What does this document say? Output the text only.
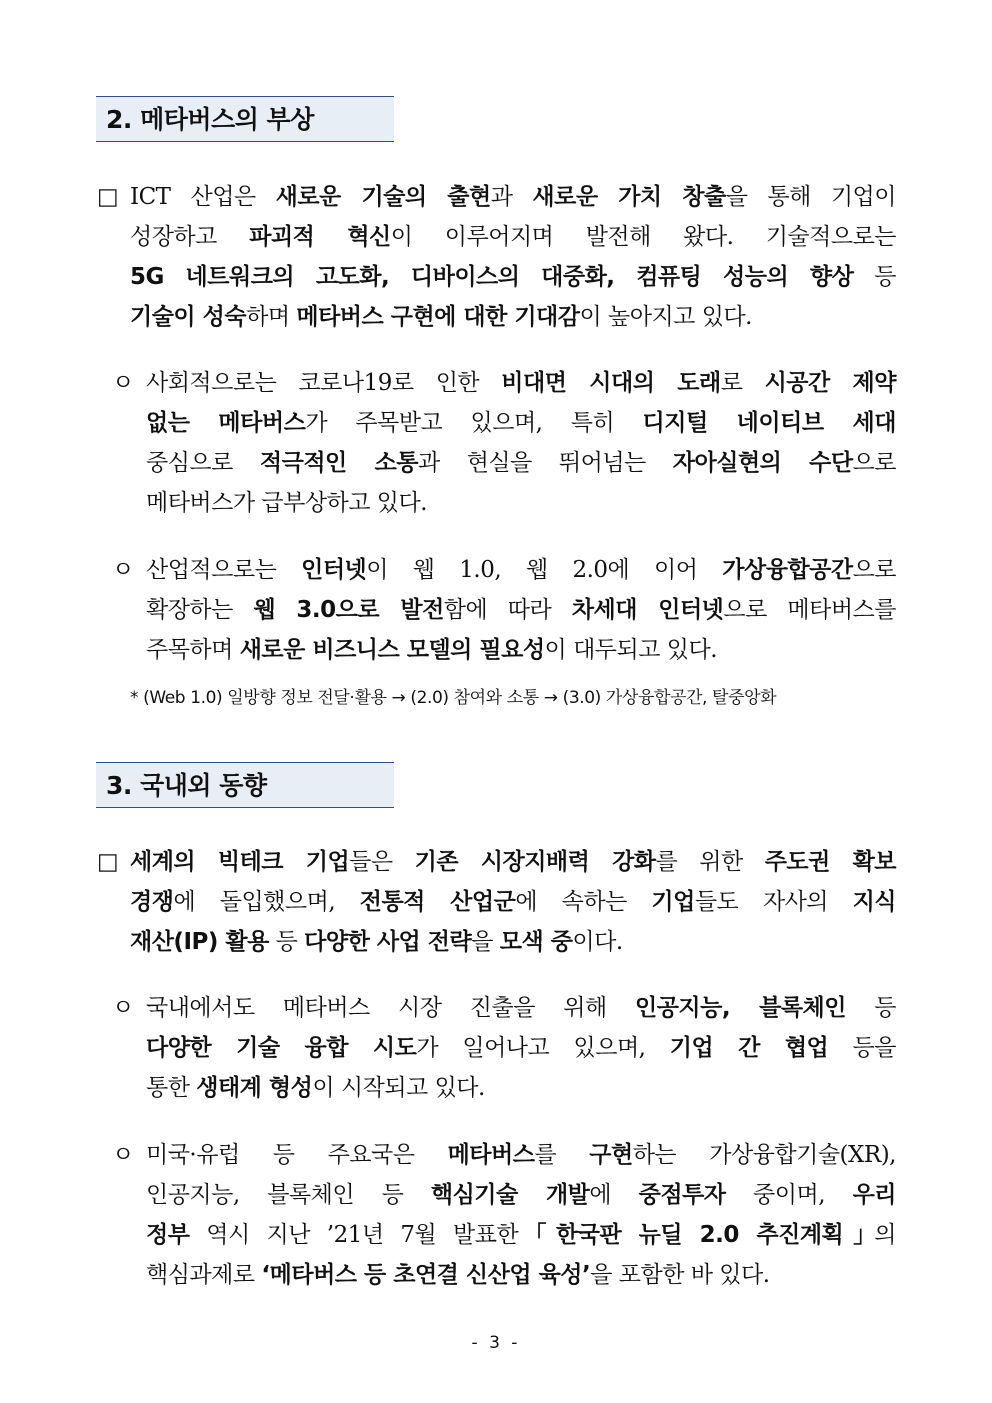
2. 메타버스의 부상
□ ICT 산업은 새로운 기술의 출현과 새로운 가치 창출을 통해 기업이
성장하고 파괴적 혁신이 이루어지며 발전해 왔다. 기술적으로는
5G 네트워크의 고도화, 디바이스의 대중화, 컴퓨팅 성능의 향상 등
기술이 성숙하며 메타버스 구현에 대한 기대감이 높아지고 있다.
ㅇ 사회적으로는 코로나19로 인한 비대면 시대의 도래로 시공간 제약
없는 메타버스가 주목받고 있으며, 특히 디지털 네이티브 세대
중심으로 적극적인 소통과 현실을 뛰어넘는 자아실현의 수단으로
메타버스가 급부상하고 있다.
ㅇ 산업적으로는 인터넷이 웹 1.0, 웹 2.0에 이어 가상융합공간으로
확장하는 웹 3.0으로 발전함에 따라 차세대 인터넷으로 메타버스를
주목하며 새로운 비즈니스 모델의 필요성이 대두되고 있다.
* (Web 1.0) 일방향 정보 전달·활용 → (2.0) 참여와 소통 → (3.0) 가상융합공간, 탈중앙화
3. 국내외 동향
□ 세계의 빅테크 기업들은 기존 시장지배력 강화를 위한 주도권 확보
경쟁에 돌입했으며, 전통적 산업군에 속하는 기업들도 자사의 지식
재산(IP) 활용 등 다양한 사업 전략을 모색 중이다.
ㅇ 국내에서도 메타버스 시장 진출을 위해 인공지능, 블록체인 등
다양한 기술 융합 시도가 일어나고 있으며, 기업 간 협업 등을
통한 생태계 형성이 시작되고 있다.
ㅇ 미국·유럽 등 주요국은 메타버스를 구현하는 가상융합기술(XR),
인공지능, 블록체인 등 핵심기술 개발에 중점투자 중이며, 우리
정부 역시 지난 ’21년 7월 발표한 ｢한국판 뉴딜 2.0 추진계획｣의
핵심과제로 ‘메타버스 등 초연결 신산업 육성’을 포함한 바 있다.
- 3 -
